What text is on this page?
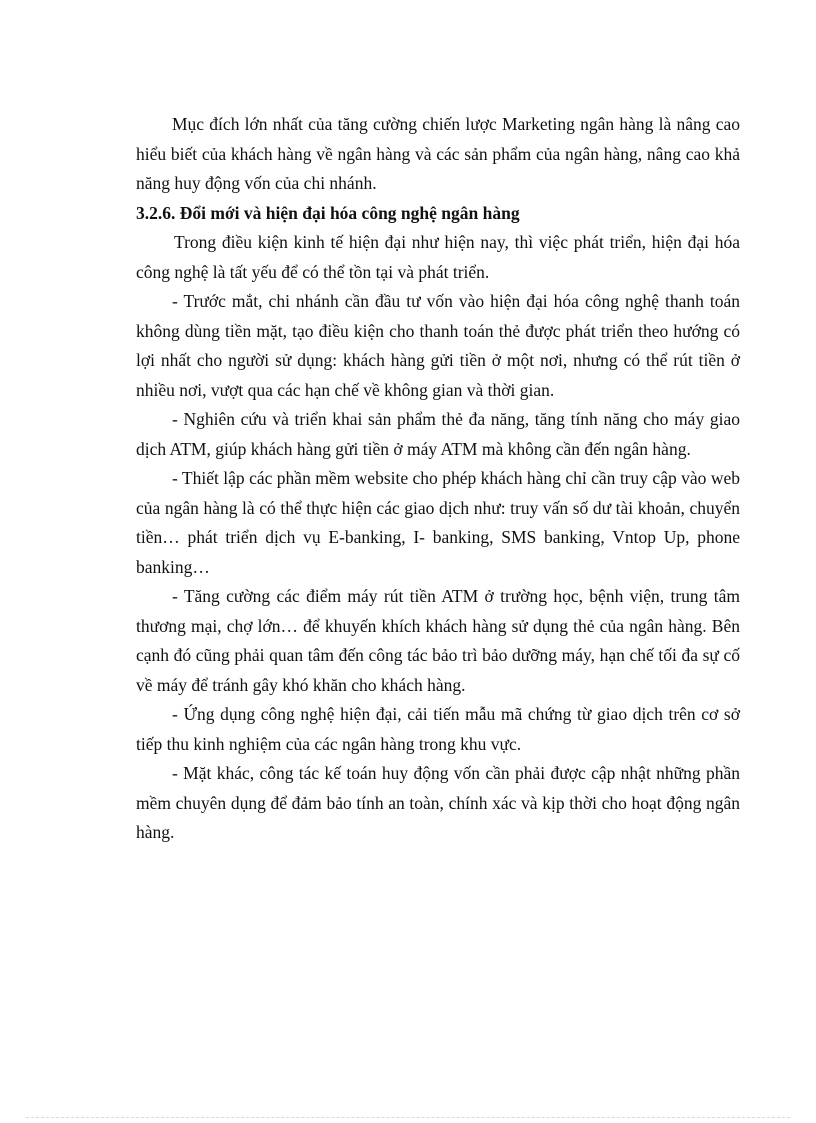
Mục đích lớn nhất của tăng cường chiến lược Marketing ngân hàng là nâng cao hiểu biết của khách hàng về ngân hàng và các sản phẩm của ngân hàng, nâng cao khả năng huy động vốn của chi nhánh.

3.2.6. Đổi mới và hiện đại hóa công nghệ ngân hàng

Trong điều kiện kinh tế hiện đại như hiện nay, thì việc phát triển, hiện đại hóa công nghệ là tất yếu để có thể tồn tại và phát triển.

- Trước mắt, chi nhánh cần đầu tư vốn vào hiện đại hóa công nghệ thanh toán không dùng tiền mặt, tạo điều kiện cho thanh toán thẻ được phát triển theo hướng có lợi nhất cho người sử dụng: khách hàng gửi tiền ở một nơi, nhưng có thể rút tiền ở nhiều nơi, vượt qua các hạn chế về không gian và thời gian.

- Nghiên cứu và triển khai sản phẩm thẻ đa năng, tăng tính năng cho máy giao dịch ATM, giúp khách hàng gửi tiền ở máy ATM mà không cần đến ngân hàng.

- Thiết lập các phần mềm website cho phép khách hàng chỉ cần truy cập vào web của ngân hàng là có thể thực hiện các giao dịch như: truy vấn số dư tài khoản, chuyển tiền… phát triển dịch vụ E-banking, I- banking, SMS banking, Vntop Up, phone banking…

- Tăng cường các điểm máy rút tiền ATM ở trường học, bệnh viện, trung tâm thương mại, chợ lớn… để khuyến khích khách hàng sử dụng thẻ của ngân hàng. Bên cạnh đó cũng phải quan tâm đến công tác bảo trì bảo dưỡng máy, hạn chế tối đa sự cố về máy để tránh gây khó khăn cho khách hàng.

- Ứng dụng công nghệ hiện đại, cải tiến mẫu mã chứng từ giao dịch trên cơ sở tiếp thu kinh nghiệm của các ngân hàng trong khu vực.

- Mặt khác, công tác kế toán huy động vốn cần phải được cập nhật những phần mềm chuyên dụng để đảm bảo tính an toàn, chính xác và kịp thời cho hoạt động ngân hàng.
